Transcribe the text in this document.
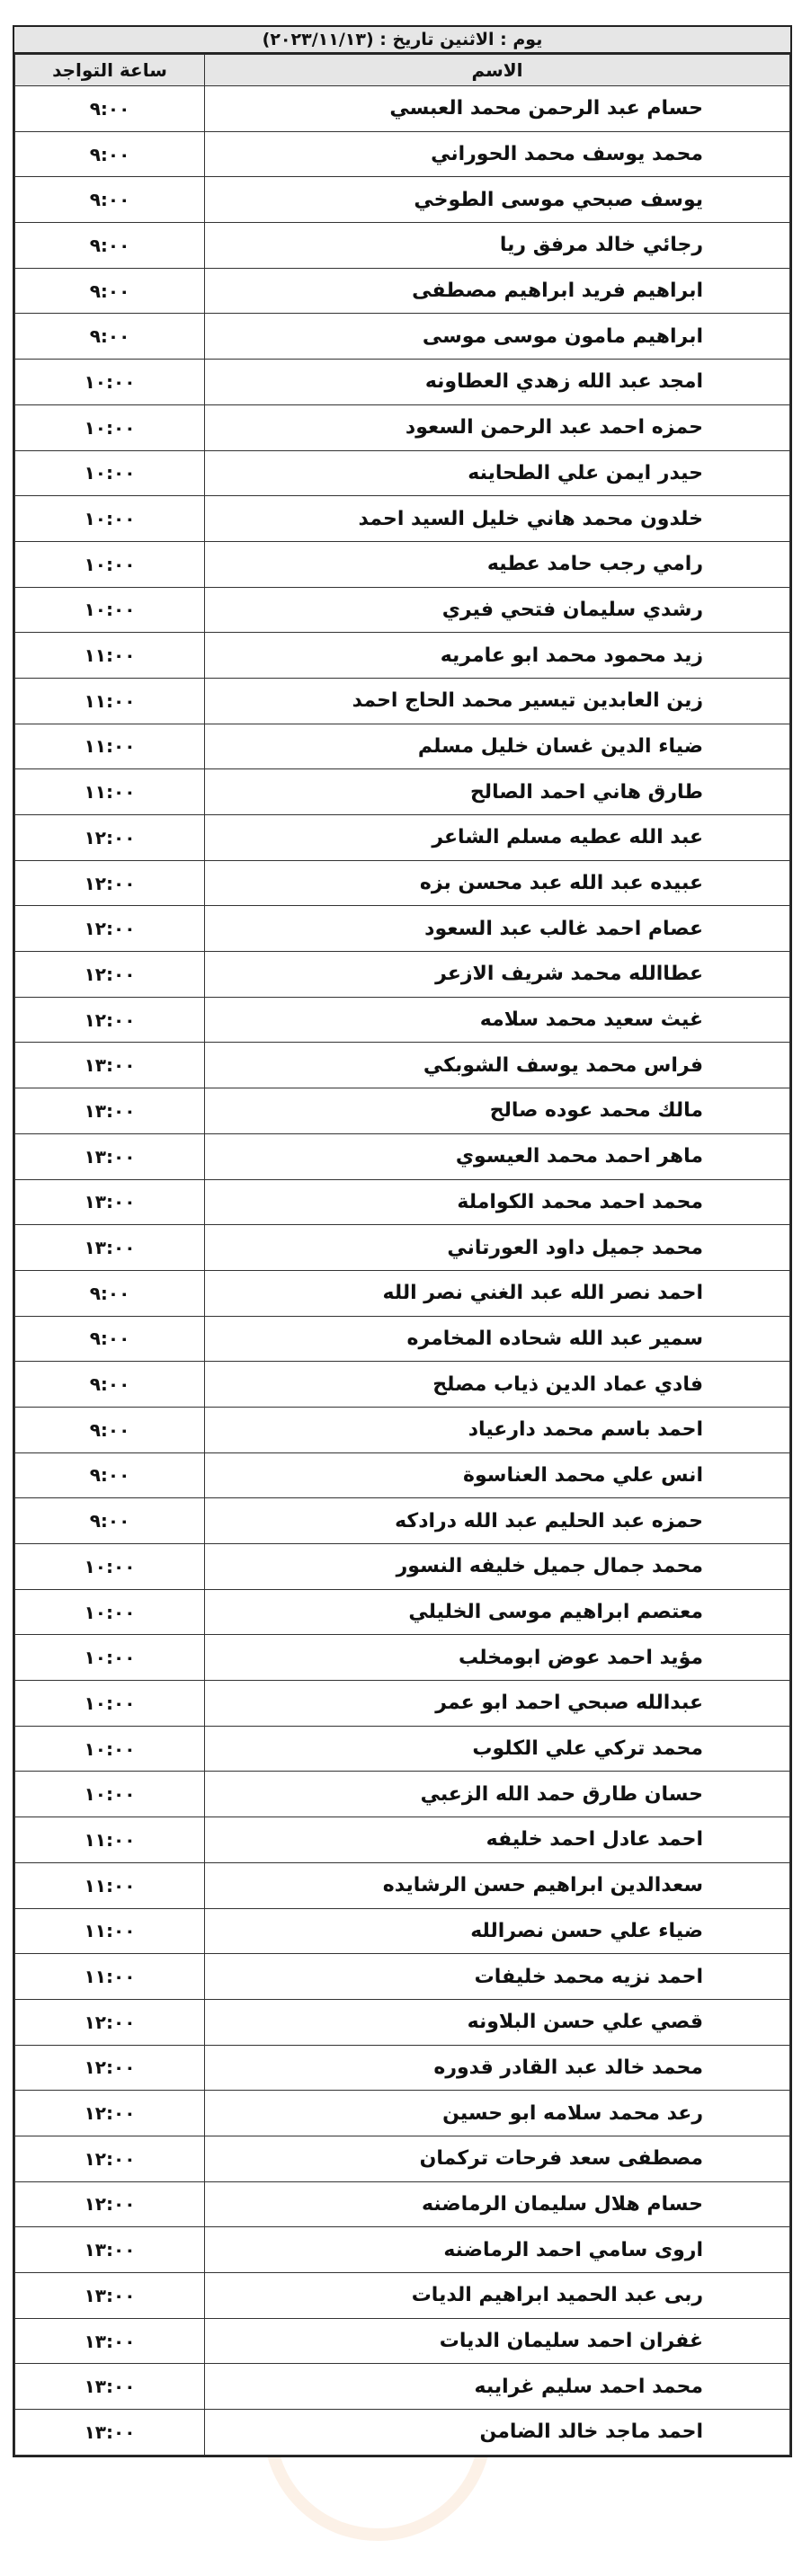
يوم : الاثنين تاريخ : (٢٠٢٣/١١/١٣)
الاسم	ساعة التواجد
حسام عبد الرحمن محمد العبسي	٩:٠٠
محمد يوسف محمد الحوراني	٩:٠٠
يوسف صبحي موسى الطوخي	٩:٠٠
رجائي خالد مرفق ريا	٩:٠٠
ابراهيم فريد ابراهيم مصطفى	٩:٠٠
ابراهيم مامون موسى موسى	٩:٠٠
امجد عبد الله زهدي العطاونه	١٠:٠٠
حمزه احمد عبد الرحمن السعود	١٠:٠٠
حيدر ايمن علي الطحاينه	١٠:٠٠
خلدون محمد هاني خليل السيد احمد	١٠:٠٠
رامي رجب حامد عطيه	١٠:٠٠
رشدي سليمان فتحي فيري	١٠:٠٠
زيد محمود محمد ابو عامريه	١١:٠٠
زين العابدين تيسير محمد الحاج احمد	١١:٠٠
ضياء الدين غسان خليل مسلم	١١:٠٠
طارق هاني احمد الصالح	١١:٠٠
عبد الله عطيه مسلم الشاعر	١٢:٠٠
عبيده عبد الله عبد محسن بزه	١٢:٠٠
عصام احمد غالب عبد السعود	١٢:٠٠
عطاالله محمد شريف الازعر	١٢:٠٠
غيث سعيد محمد سلامه	١٢:٠٠
فراس محمد يوسف الشوبكي	١٣:٠٠
مالك محمد عوده صالح	١٣:٠٠
ماهر احمد محمد العيسوي	١٣:٠٠
محمد احمد محمد الكواملة	١٣:٠٠
محمد جميل داود العورتاني	١٣:٠٠
احمد نصر الله عبد الغني نصر الله	٩:٠٠
سمير عبد الله شحاده المخامره	٩:٠٠
فادي عماد الدين ذياب مصلح	٩:٠٠
احمد باسم محمد دارعياد	٩:٠٠
انس علي محمد العناسوة	٩:٠٠
حمزه عبد الحليم عبد الله درادكه	٩:٠٠
محمد جمال جميل خليفه النسور	١٠:٠٠
معتصم ابراهيم موسى الخليلي	١٠:٠٠
مؤيد احمد عوض ابومخلب	١٠:٠٠
عبدالله صبحي احمد ابو عمر	١٠:٠٠
محمد تركي علي الكلوب	١٠:٠٠
حسان طارق حمد الله الزعبي	١٠:٠٠
احمد عادل احمد خليفه	١١:٠٠
سعدالدين ابراهيم حسن الرشايده	١١:٠٠
ضياء علي حسن نصرالله	١١:٠٠
احمد نزيه محمد خليفات	١١:٠٠
قصي علي حسن البلاونه	١٢:٠٠
محمد خالد عبد القادر قدوره	١٢:٠٠
رعد محمد سلامه ابو حسين	١٢:٠٠
مصطفى سعد فرحات تركمان	١٢:٠٠
حسام هلال سليمان الرماضنه	١٢:٠٠
اروى سامي احمد الرماضنه	١٣:٠٠
ربى عبد الحميد ابراهيم الديات	١٣:٠٠
غفران احمد سليمان الديات	١٣:٠٠
محمد احمد سليم غرايبه	١٣:٠٠
احمد ماجد خالد الضامن	١٣:٠٠
